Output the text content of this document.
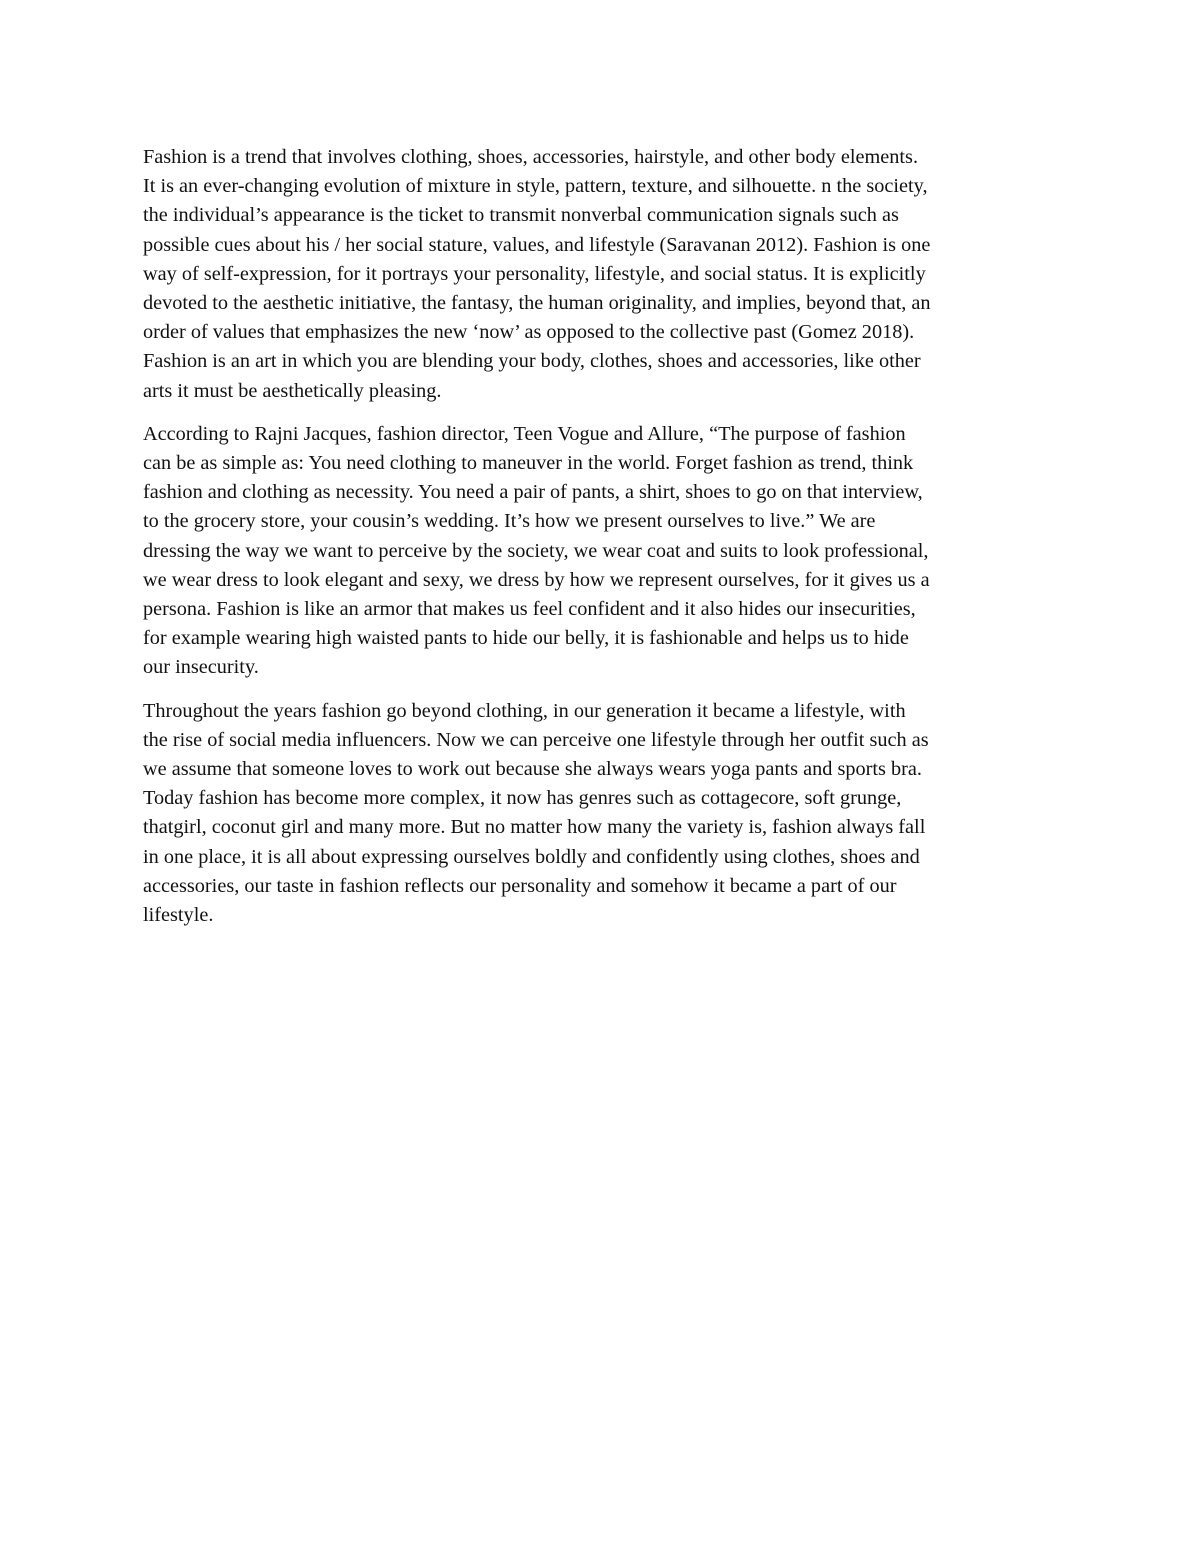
Fashion is a trend that involves clothing, shoes, accessories, hairstyle, and other body elements.
It is an ever-changing evolution of mixture in style, pattern, texture, and silhouette. n the society,
the individual’s appearance is the ticket to transmit nonverbal communication signals such as
possible cues about his / her social stature, values, and lifestyle (Saravanan 2012). Fashion is one
way of self-expression, for it portrays your personality, lifestyle, and social status. It is explicitly
devoted to the aesthetic initiative, the fantasy, the human originality, and implies, beyond that, an
order of values that emphasizes the new ‘now’ as opposed to the collective past (Gomez 2018).
Fashion is an art in which you are blending your body, clothes, shoes and accessories, like other
arts it must be aesthetically pleasing.

According to Rajni Jacques, fashion director, Teen Vogue and Allure, “The purpose of fashion
can be as simple as: You need clothing to maneuver in the world. Forget fashion as trend, think
fashion and clothing as necessity. You need a pair of pants, a shirt, shoes to go on that interview,
to the grocery store, your cousin’s wedding. It’s how we present ourselves to live.” We are
dressing the way we want to perceive by the society, we wear coat and suits to look professional,
we wear dress to look elegant and sexy, we dress by how we represent ourselves, for it gives us a
persona. Fashion is like an armor that makes us feel confident and it also hides our insecurities,
for example wearing high waisted pants to hide our belly, it is fashionable and helps us to hide
our insecurity.

Throughout the years fashion go beyond clothing, in our generation it became a lifestyle, with
the rise of social media influencers. Now we can perceive one lifestyle through her outfit such as
we assume that someone loves to work out because she always wears yoga pants and sports bra.
Today fashion has become more complex, it now has genres such as cottagecore, soft grunge,
thatgirl, coconut girl and many more. But no matter how many the variety is, fashion always fall
in one place, it is all about expressing ourselves boldly and confidently using clothes, shoes and
accessories, our taste in fashion reflects our personality and somehow it became a part of our
lifestyle.
